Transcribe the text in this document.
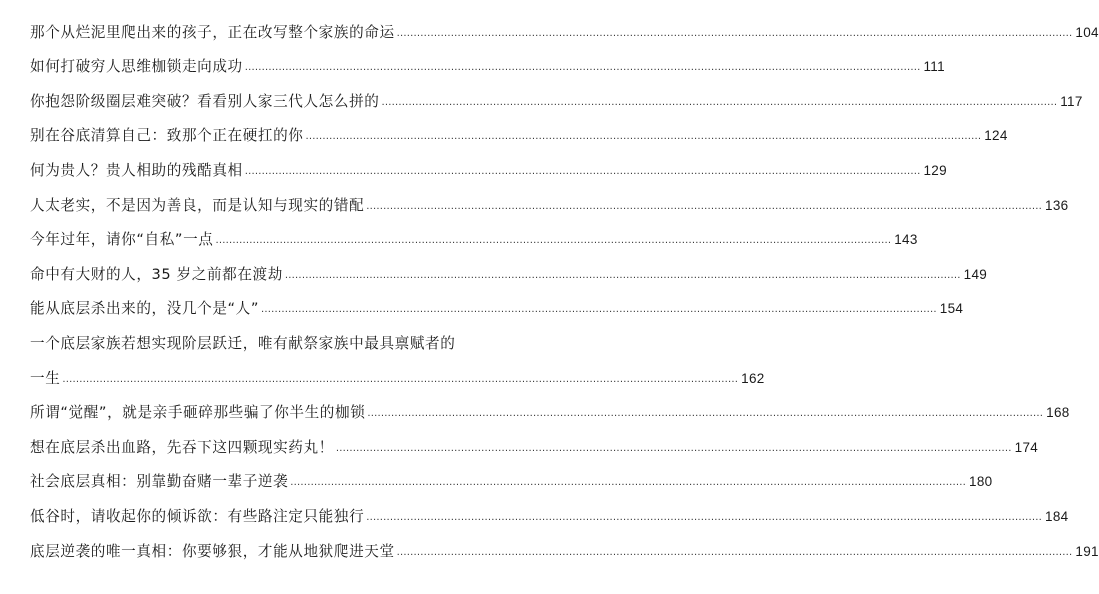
那个从烂泥里爬出来的孩子，正在改写整个家族的命运 ........................................................................................................................................................................................................ 104
如何打破穷人思维枷锁走向成功 ........................................................................................................................................................................................................ 111
你抱怨阶级圈层难突破？看看别人家三代人怎么拼的 ........................................................................................................................................................................................................ 117
别在谷底清算自己：致那个正在硬扛的你 ........................................................................................................................................................................................................ 124
何为贵人？贵人相助的残酷真相 ........................................................................................................................................................................................................ 129
人太老实，不是因为善良，而是认知与现实的错配 ........................................................................................................................................................................................................ 136
今年过年，请你“自私”一点 ........................................................................................................................................................................................................ 143
命中有大财的人，35 岁之前都在渡劫 ........................................................................................................................................................................................................ 149
能从底层杀出来的，没几个是“人” ........................................................................................................................................................................................................ 154
一个底层家族若想实现阶层跃迁，唯有献祭家族中最具禀赋者的
一生 ........................................................................................................................................................................................................ 162
所谓“觉醒”，就是亲手砸碎那些骗了你半生的枷锁 ........................................................................................................................................................................................................ 168
想在底层杀出血路，先吞下这四颗现实药丸！ ........................................................................................................................................................................................................ 174
社会底层真相：别靠勤奋赌一辈子逆袭 ........................................................................................................................................................................................................ 180
低谷时，请收起你的倾诉欲：有些路注定只能独行 ........................................................................................................................................................................................................ 184
底层逆袭的唯一真相：你要够狠，才能从地狱爬进天堂 ........................................................................................................................................................................................................ 191
